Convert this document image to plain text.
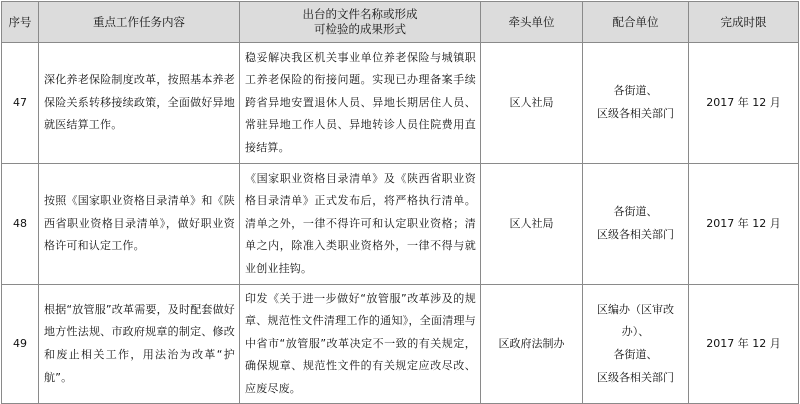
序号	重点工作任务内容	出台的文件名称或形成
可检验的成果形式	牵头单位	配合单位	完成时限
47	深化养老保险制度改革，按照基本养老保险关系转移接续政策，全面做好异地就医结算工作。	稳妥解决我区机关事业单位养老保险与城镇职工养老保险的衔接问题。实现已办理备案手续跨省异地安置退休人员、异地长期居住人员、常驻异地工作人员、异地转诊人员住院费用直接结算。	区人社局	各街道、
区级各相关部门	2017 年 12 月
48	按照《国家职业资格目录清单》和《陕西省职业资格目录清单》，做好职业资格许可和认定工作。	《国家职业资格目录清单》及《陕西省职业资格目录清单》正式发布后，将严格执行清单。清单之外，一律不得许可和认定职业资格；清单之内，除准入类职业资格外，一律不得与就业创业挂钩。	区人社局	各街道、
区级各相关部门	2017 年 12 月
49	根据“放管服”改革需要，及时配套做好地方性法规、市政府规章的制定、修改和废止相关工作，用法治为改革“护航”。	印发《关于进一步做好“放管服”改革涉及的规章、规范性文件清理工作的通知》，全面清理与中省市“放管服”改革决定不一致的有关规定，确保规章、规范性文件的有关规定应改尽改、应废尽废。	区政府法制办	区编办（区审改
办）、
各街道、
区级各相关部门	2017 年 12 月
